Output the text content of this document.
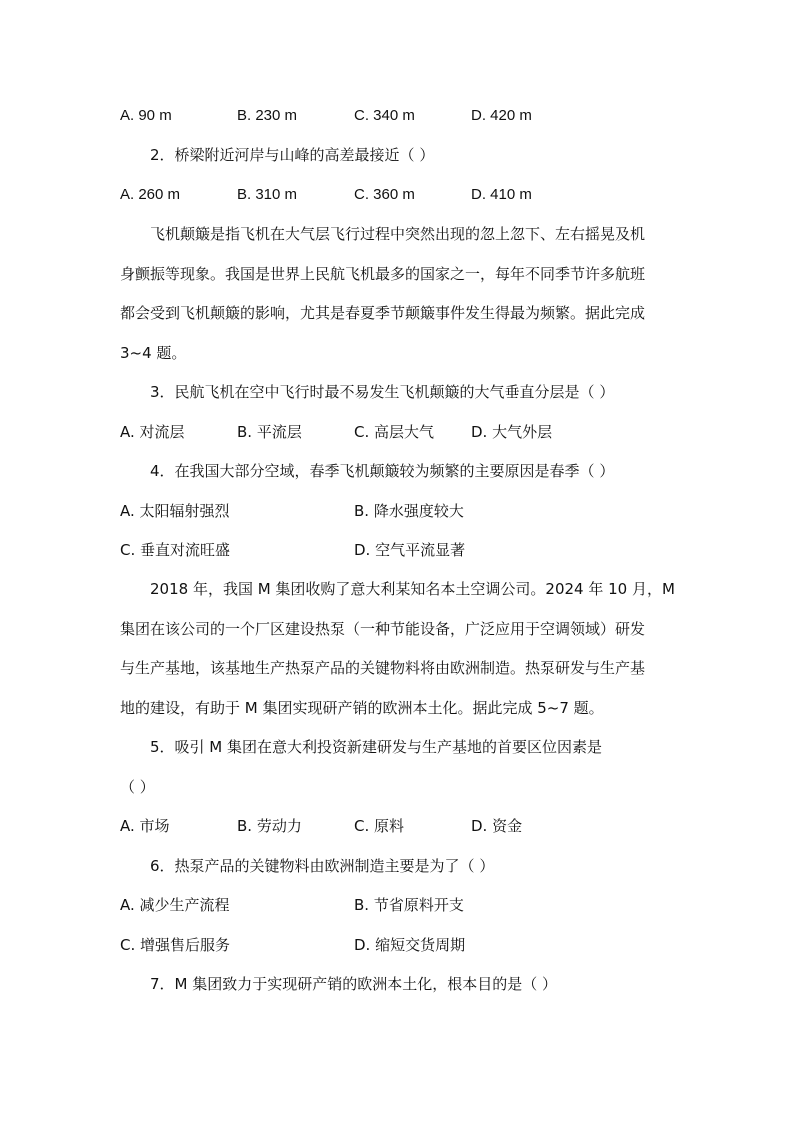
A. 90 m	B. 230 m	C. 340 m	D. 420 m
2．桥梁附近河岸与山峰的高差最接近（ ）
A. 260 m	B. 310 m	C. 360 m	D. 410 m
飞机颠簸是指飞机在大气层飞行过程中突然出现的忽上忽下、左右摇晃及机
身颤振等现象。我国是世界上民航飞机最多的国家之一，每年不同季节许多航班
都会受到飞机颠簸的影响，尤其是春夏季节颠簸事件发生得最为频繁。据此完成
3~4 题。
3．民航飞机在空中飞行时最不易发生飞机颠簸的大气垂直分层是（ ）
A. 对流层	B. 平流层	C. 高层大气 D. 大气外层
4．在我国大部分空域，春季飞机颠簸较为频繁的主要原因是春季（ ）
A. 太阳辐射强烈	B. 降水强度较大
C. 垂直对流旺盛	D. 空气平流显著
2018 年，我国 M 集团收购了意大利某知名本土空调公司。2024 年 10 月，M
集团在该公司的一个厂区建设热泵（一种节能设备，广泛应用于空调领域）研发
与生产基地，该基地生产热泵产品的关键物料将由欧洲制造。热泵研发与生产基
地的建设，有助于 M 集团实现研产销的欧洲本土化。据此完成 5~7 题。
5．吸引 M 集团在意大利投资新建研发与生产基地的首要区位因素是
（ ）
A. 市场	B. 劳动力	C. 原料	D. 资金
6．热泵产品的关键物料由欧洲制造主要是为了（ ）
A. 减少生产流程	B. 节省原料开支
C. 增强售后服务	D. 缩短交货周期
7．M 集团致力于实现研产销的欧洲本土化，根本目的是（ ）
